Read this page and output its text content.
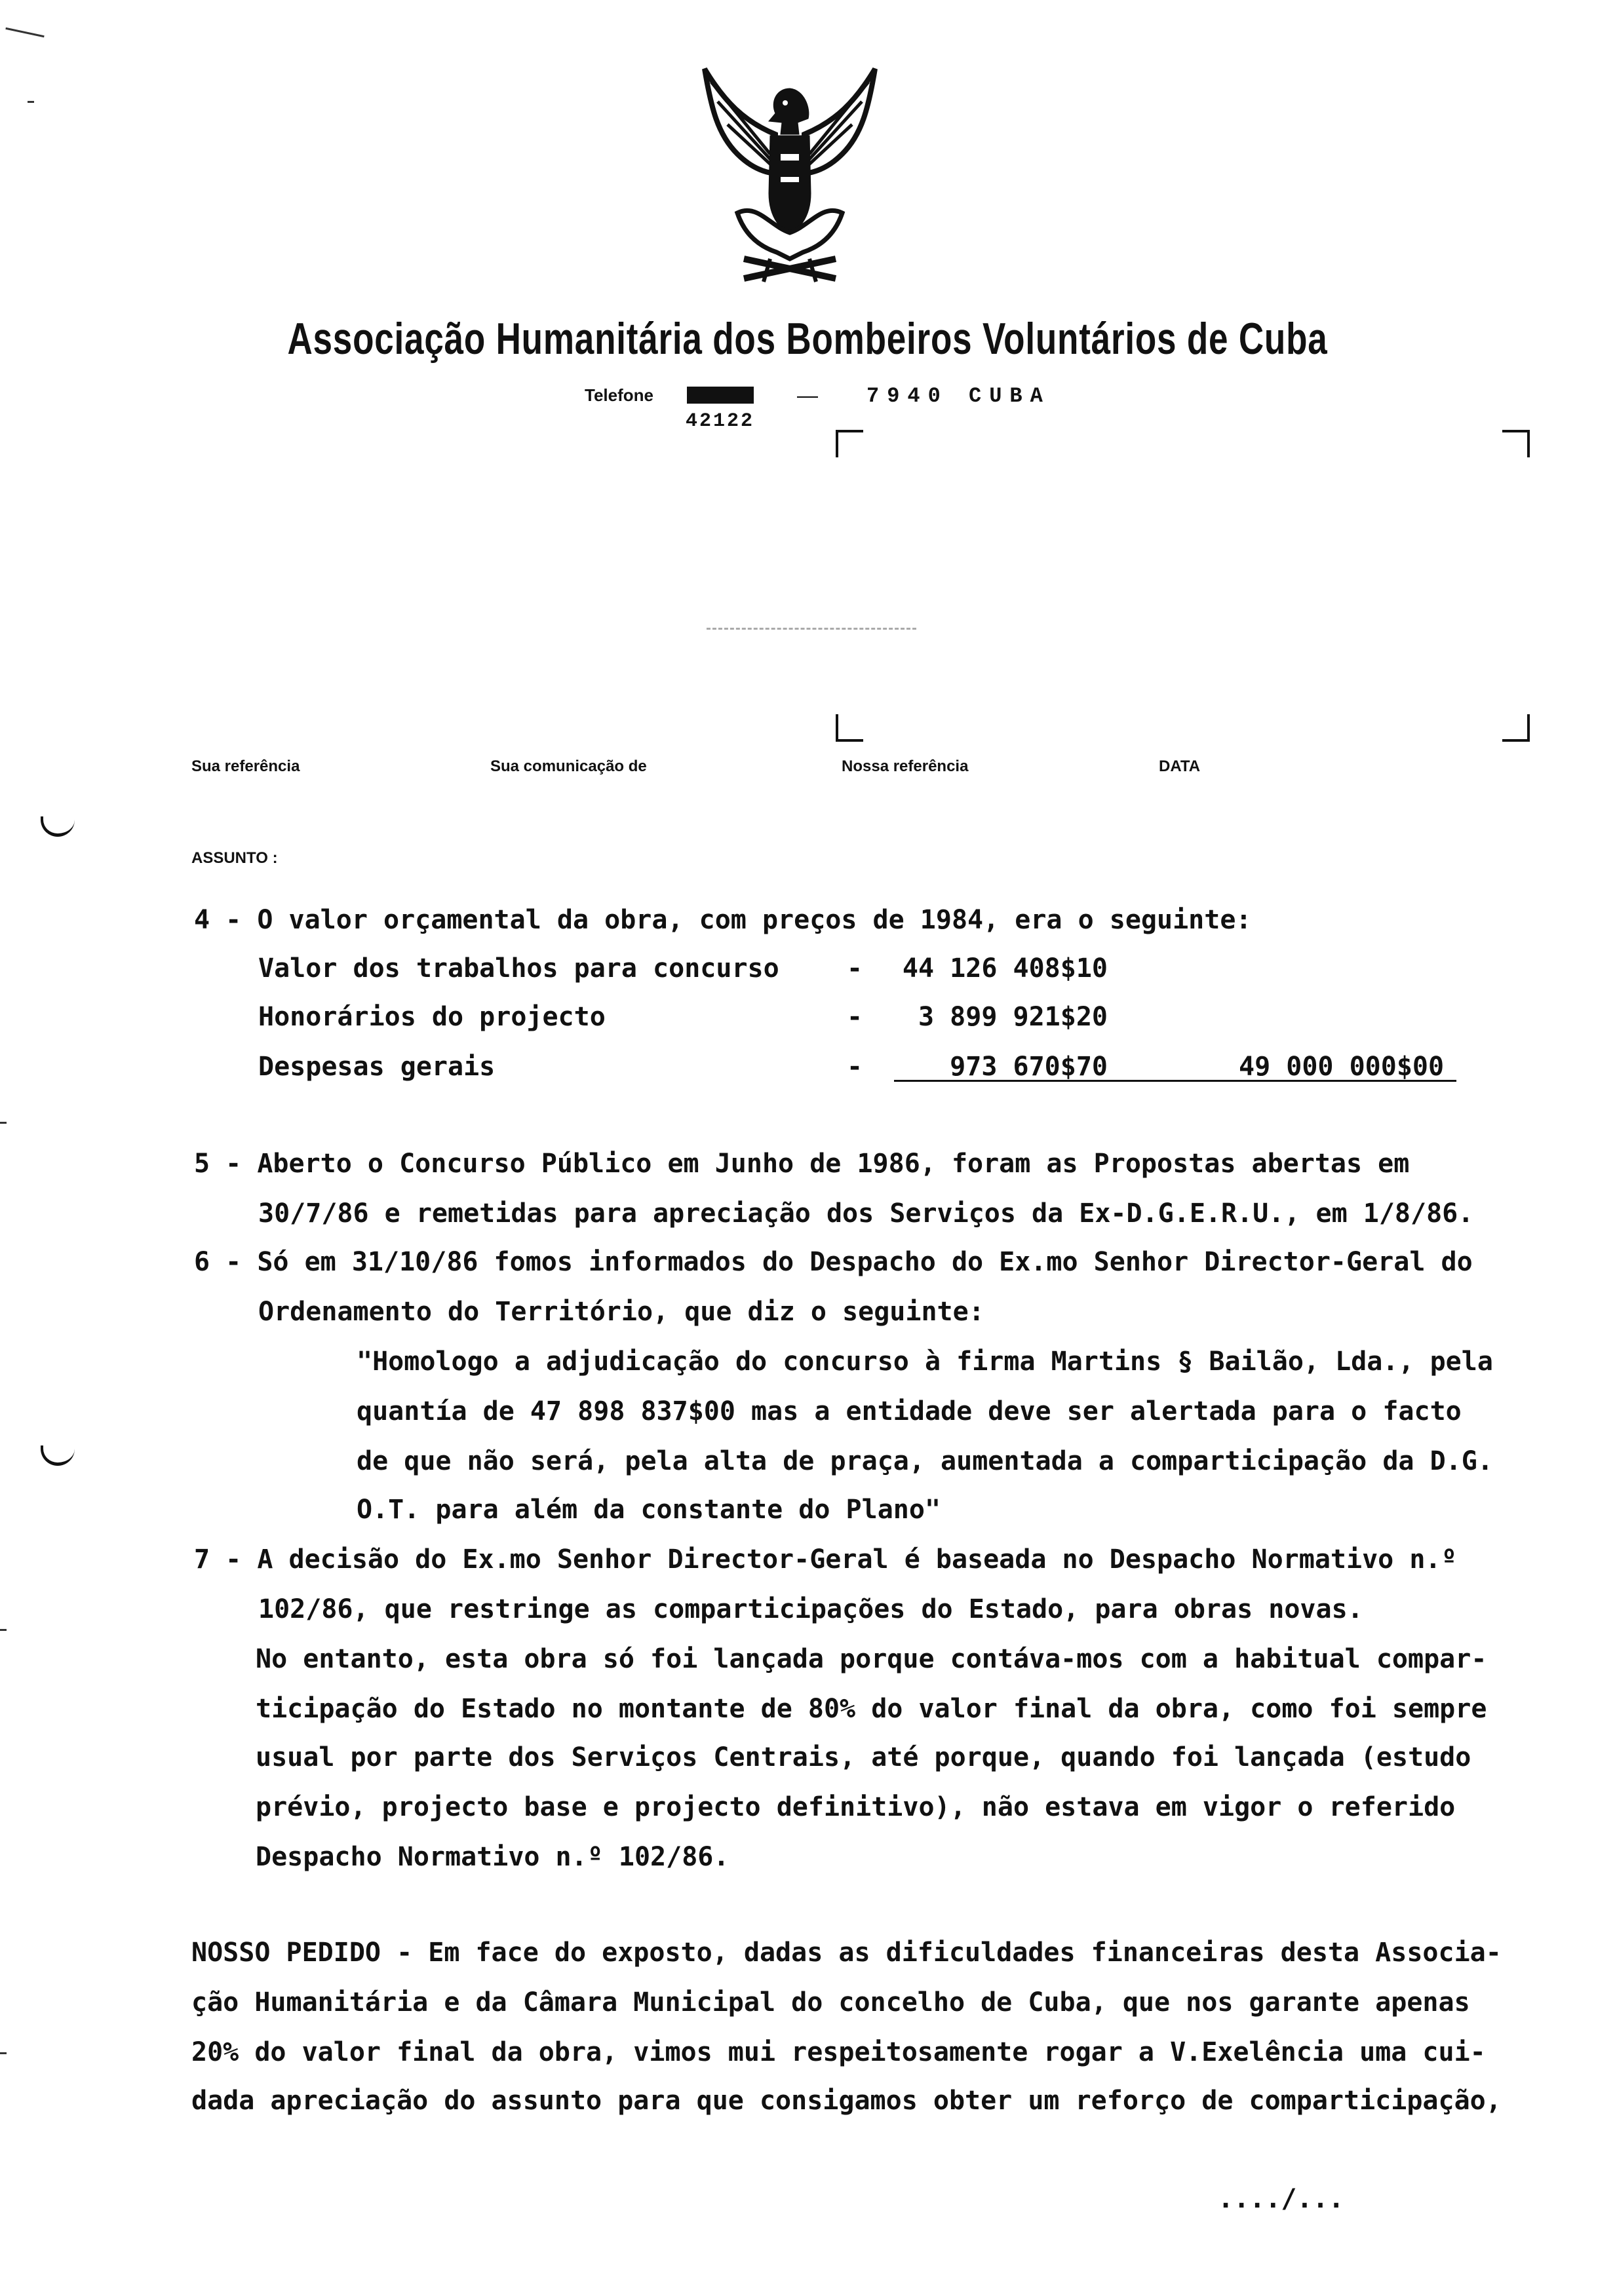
Associação Humanitária dos Bombeiros Voluntários de Cuba
Telefone
42122
— 7940 CUBA
Sua referência	Sua comunicação de	Nossa referência	DATA
ASSUNTO :
4 - O valor orçamental da obra, com preços de 1984, era o seguinte:
Valor dos trabalhos para concurso	-	44 126 408$10
Honorários do projecto	-	3 899 921$20
Despesas gerais	-	973 670$70	49 000 000$00
5 - Aberto o Concurso Público em Junho de 1986, foram as Propostas abertas em
30/7/86 e remetidas para apreciação dos Serviços da Ex-D.G.E.R.U., em 1/8/86.
6 - Só em 31/10/86 fomos informados do Despacho do Ex.mo Senhor Director-Geral do
Ordenamento do Território, que diz o seguinte:
"Homologo a adjudicação do concurso à firma Martins § Bailão, Lda., pela
quantía de 47 898 837$00 mas a entidade deve ser alertada para o facto
de que não será, pela alta de praça, aumentada a comparticipação da D.G.
O.T. para além da constante do Plano"
7 - A decisão do Ex.mo Senhor Director-Geral é baseada no Despacho Normativo n.º
102/86, que restringe as comparticipações do Estado, para obras novas.
No entanto, esta obra só foi lançada porque contáva-mos com a habitual compar-
ticipação do Estado no montante de 80% do valor final da obra, como foi sempre
usual por parte dos Serviços Centrais, até porque, quando foi lançada (estudo
prévio, projecto base e projecto definitivo), não estava em vigor o referido
Despacho Normativo n.º 102/86.
NOSSO PEDIDO - Em face do exposto, dadas as dificuldades financeiras desta Associa-
ção Humanitária e da Câmara Municipal do concelho de Cuba, que nos garante apenas
20% do valor final da obra, vimos mui respeitosamente rogar a V.Exelência uma cui-
dada apreciação do assunto para que consigamos obter um reforço de comparticipação,
..../...
